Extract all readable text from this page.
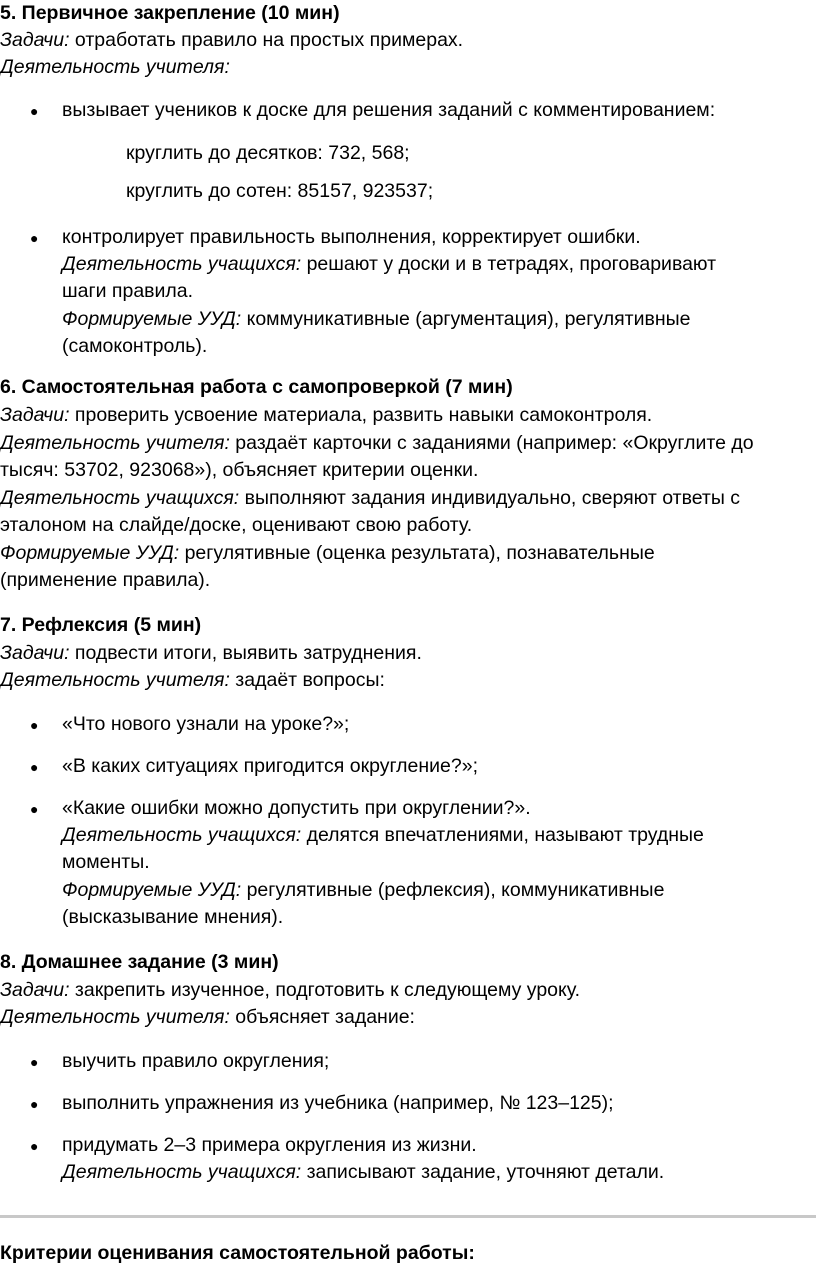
5. Первичное закрепление (10 мин)
Задачи: отработать правило на простых примерах.
Деятельность учителя:
● вызывает учеников к доске для решения заданий с комментированием:
круглить до десятков: 732, 568;
круглить до сотен: 85157, 923537;
● контролирует правильность выполнения, корректирует ошибки.
Деятельность учащихся: решают у доски и в тетрадях, проговаривают
шаги правила.
Формируемые УУД: коммуникативные (аргументация), регулятивные
(самоконтроль).
6. Самостоятельная работа с самопроверкой (7 мин)
Задачи: проверить усвоение материала, развить навыки самоконтроля.
Деятельность учителя: раздаёт карточки с заданиями (например: «Округлите до
тысяч: 53702, 923068»), объясняет критерии оценки.
Деятельность учащихся: выполняют задания индивидуально, сверяют ответы с
эталоном на слайде/доске, оценивают свою работу.
Формируемые УУД: регулятивные (оценка результата), познавательные
(применение правила).
7. Рефлексия (5 мин)
Задачи: подвести итоги, выявить затруднения.
Деятельность учителя: задаёт вопросы:
● «Что нового узнали на уроке?»;
● «В каких ситуациях пригодится округление?»;
● «Какие ошибки можно допустить при округлении?».
Деятельность учащихся: делятся впечатлениями, называют трудные
моменты.
Формируемые УУД: регулятивные (рефлексия), коммуникативные
(высказывание мнения).
8. Домашнее задание (3 мин)
Задачи: закрепить изученное, подготовить к следующему уроку.
Деятельность учителя: объясняет задание:
● выучить правило округления;
● выполнить упражнения из учебника (например, № 123–125);
● придумать 2–3 примера округления из жизни.
Деятельность учащихся: записывают задание, уточняют детали.
Критерии оценивания самостоятельной работы:
